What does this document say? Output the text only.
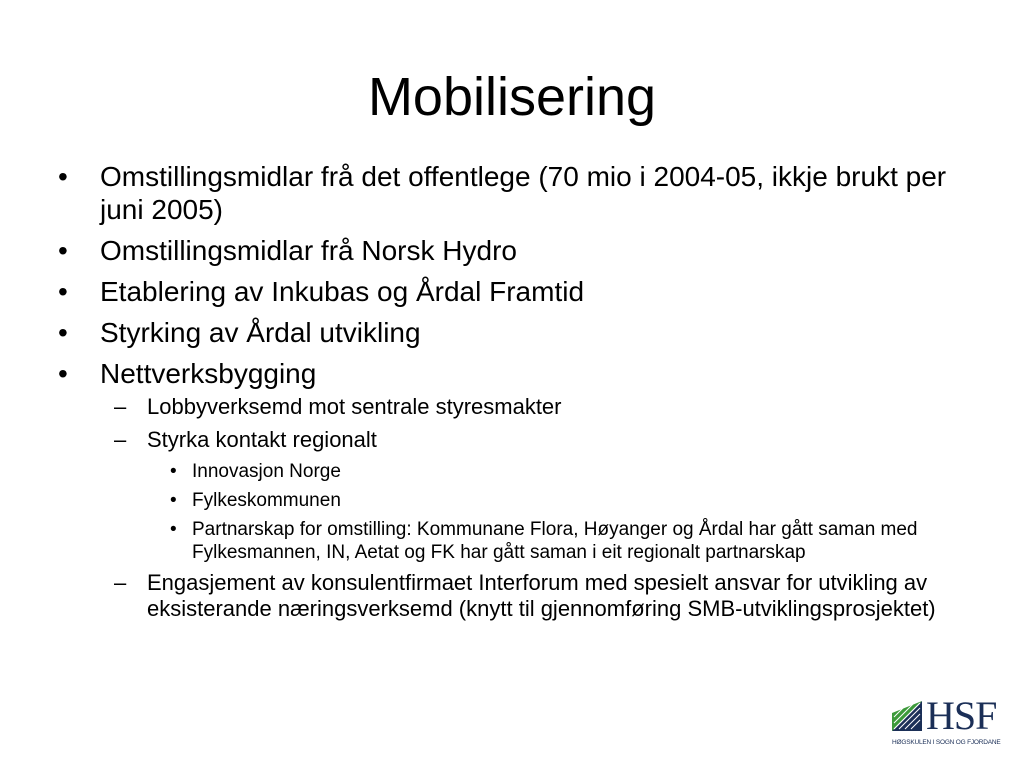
Mobilisering
• Omstillingsmidlar frå det offentlege (70 mio i 2004-05, ikkje brukt per juni 2005)
• Omstillingsmidlar frå Norsk Hydro
• Etablering av Inkubas og Årdal Framtid
• Styrking av Årdal utvikling
• Nettverksbygging
– Lobbyverksemd mot sentrale styresmakter
– Styrka kontakt regionalt
• Innovasjon Norge
• Fylkeskommunen
• Partnarskap for omstilling: Kommunane Flora, Høyanger og Årdal har gått saman med Fylkesmannen, IN, Aetat og FK har gått saman i eit regionalt partnarskap
– Engasjement av konsulentfirmaet Interforum med spesielt ansvar for utvikling av eksisterande næringsverksemd (knytt til gjennomføring SMB-utviklingsprosjektet)
HSF
HØGSKULEN I SOGN OG FJORDANE
